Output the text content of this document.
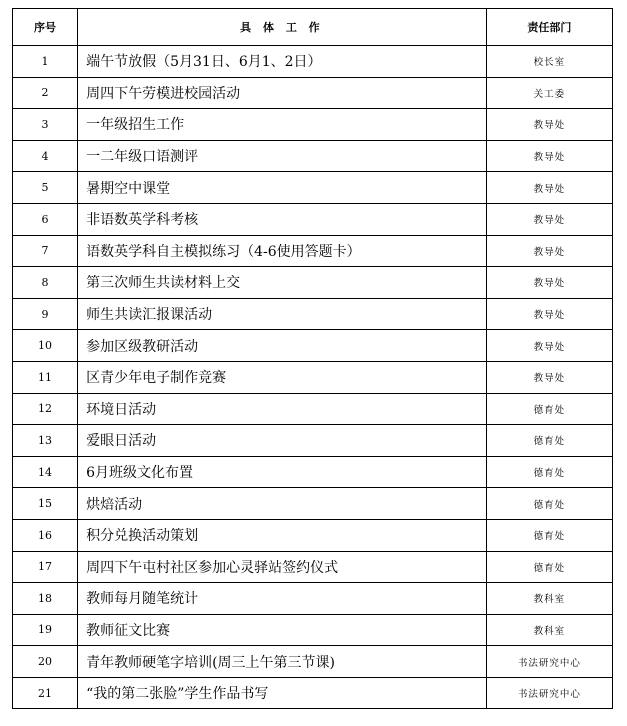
序号	具 体 工 作	责任部门
1	端午节放假（5月31日、6月1、2日）	校长室
2	周四下午劳模进校园活动	关工委
3	一年级招生工作	教导处
4	一二年级口语测评	教导处
5	暑期空中课堂	教导处
6	非语数英学科考核	教导处
7	语数英学科自主模拟练习（4-6使用答题卡）	教导处
8	第三次师生共读材料上交	教导处
9	师生共读汇报课活动	教导处
10	参加区级教研活动	教导处
11	区青少年电子制作竞赛	教导处
12	环境日活动	德育处
13	爱眼日活动	德育处
14	6月班级文化布置	德育处
15	烘焙活动	德育处
16	积分兑换活动策划	德育处
17	周四下午屯村社区参加心灵驿站签约仪式	德育处
18	教师每月随笔统计	教科室
19	教师征文比赛	教科室
20	青年教师硬笔字培训(周三上午第三节课)	书法研究中心
21	“我的第二张脸”学生作品书写	书法研究中心
